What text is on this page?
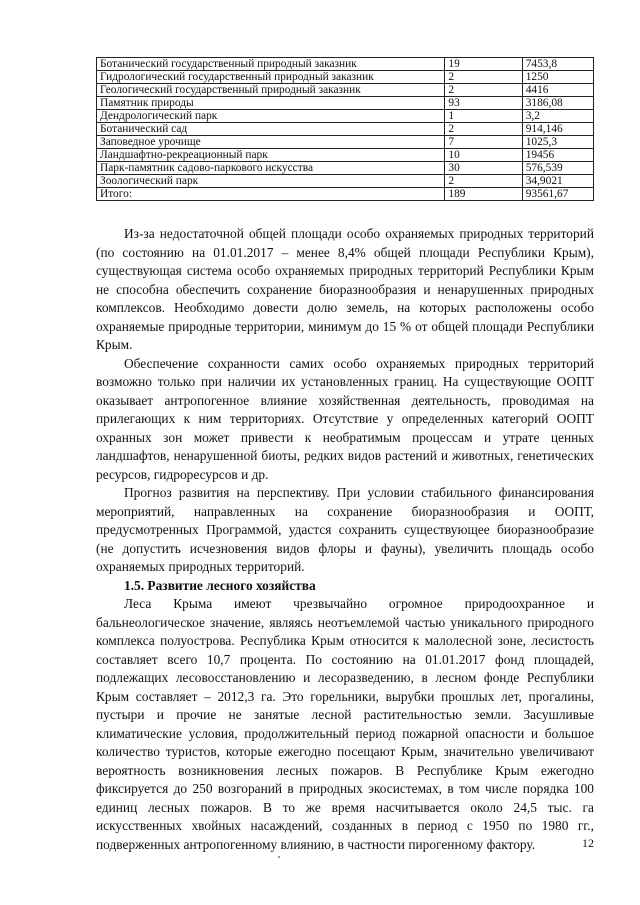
Ботанический государственный природный заказник	19	7453,8
Гидрологический государственный природный заказник	2	1250
Геологический государственный природный заказник	2	4416
Памятник природы	93	3186,08
Дендрологический парк	1	3,2
Ботанический сад	2	914,146
Заповедное урочище	7	1025,3
Ландшафтно-рекреационный парк	10	19456
Парк-памятник садово-паркового искусства	30	576,539
Зоологический парк	2	34,9021
Итого:	189	93561,67

Из-за недостаточной общей площади особо охраняемых природных территорий (по состоянию на 01.01.2017 – менее 8,4% общей площади Республики Крым), существующая система особо охраняемых природных территорий Республики Крым не способна обеспечить сохранение биоразнообразия и ненарушенных природных комплексов. Необходимо довести долю земель, на которых расположены особо охраняемые природные территории, минимум до 15 % от общей площади Республики Крым.

Обеспечение сохранности самих особо охраняемых природных территорий возможно только при наличии их установленных границ. На существующие ООПТ оказывает антропогенное влияние хозяйственная деятельность, проводимая на прилегающих к ним территориях. Отсутствие у определенных категорий ООПТ охранных зон может привести к необратимым процессам и утрате ценных ландшафтов, ненарушенной биоты, редких видов растений и животных, генетических ресурсов, гидроресурсов и др.

Прогноз развития на перспективу. При условии стабильного финансирования мероприятий, направленных на сохранение биоразнообразия и ООПТ, предусмотренных Программой, удастся сохранить существующее биоразнообразие (не допустить исчезновения видов флоры и фауны), увеличить площадь особо охраняемых природных территорий.

1.5. Развитие лесного хозяйства

Леса Крыма имеют чрезвычайно огромное природоохранное и бальнеологическое значение, являясь неотъемлемой частью уникального природного комплекса полуострова. Республика Крым относится к малолесной зоне, лесистость составляет всего 10,7 процента. По состоянию на 01.01.2017 фонд площадей, подлежащих лесовосстановлению и лесоразведению, в лесном фонде Республики Крым составляет – 2012,3 га. Это горельники, вырубки прошлых лет, прогалины, пустыри и прочие не занятые лесной растительностью земли. Засушливые климатические условия, продолжительный период пожарной опасности и большое количество туристов, которые ежегодно посещают Крым, значительно увеличивают вероятность возникновения лесных пожаров. В Республике Крым ежегодно фиксируется до 250 возгораний в природных экосистемах, в том числе порядка 100 единиц лесных пожаров. В то же время насчитывается около 24,5 тыс. га искусственных хвойных насаждений, созданных в период с 1950 по 1980 гг., подверженных антропогенному влиянию, в частности пирогенному фактору.	12
